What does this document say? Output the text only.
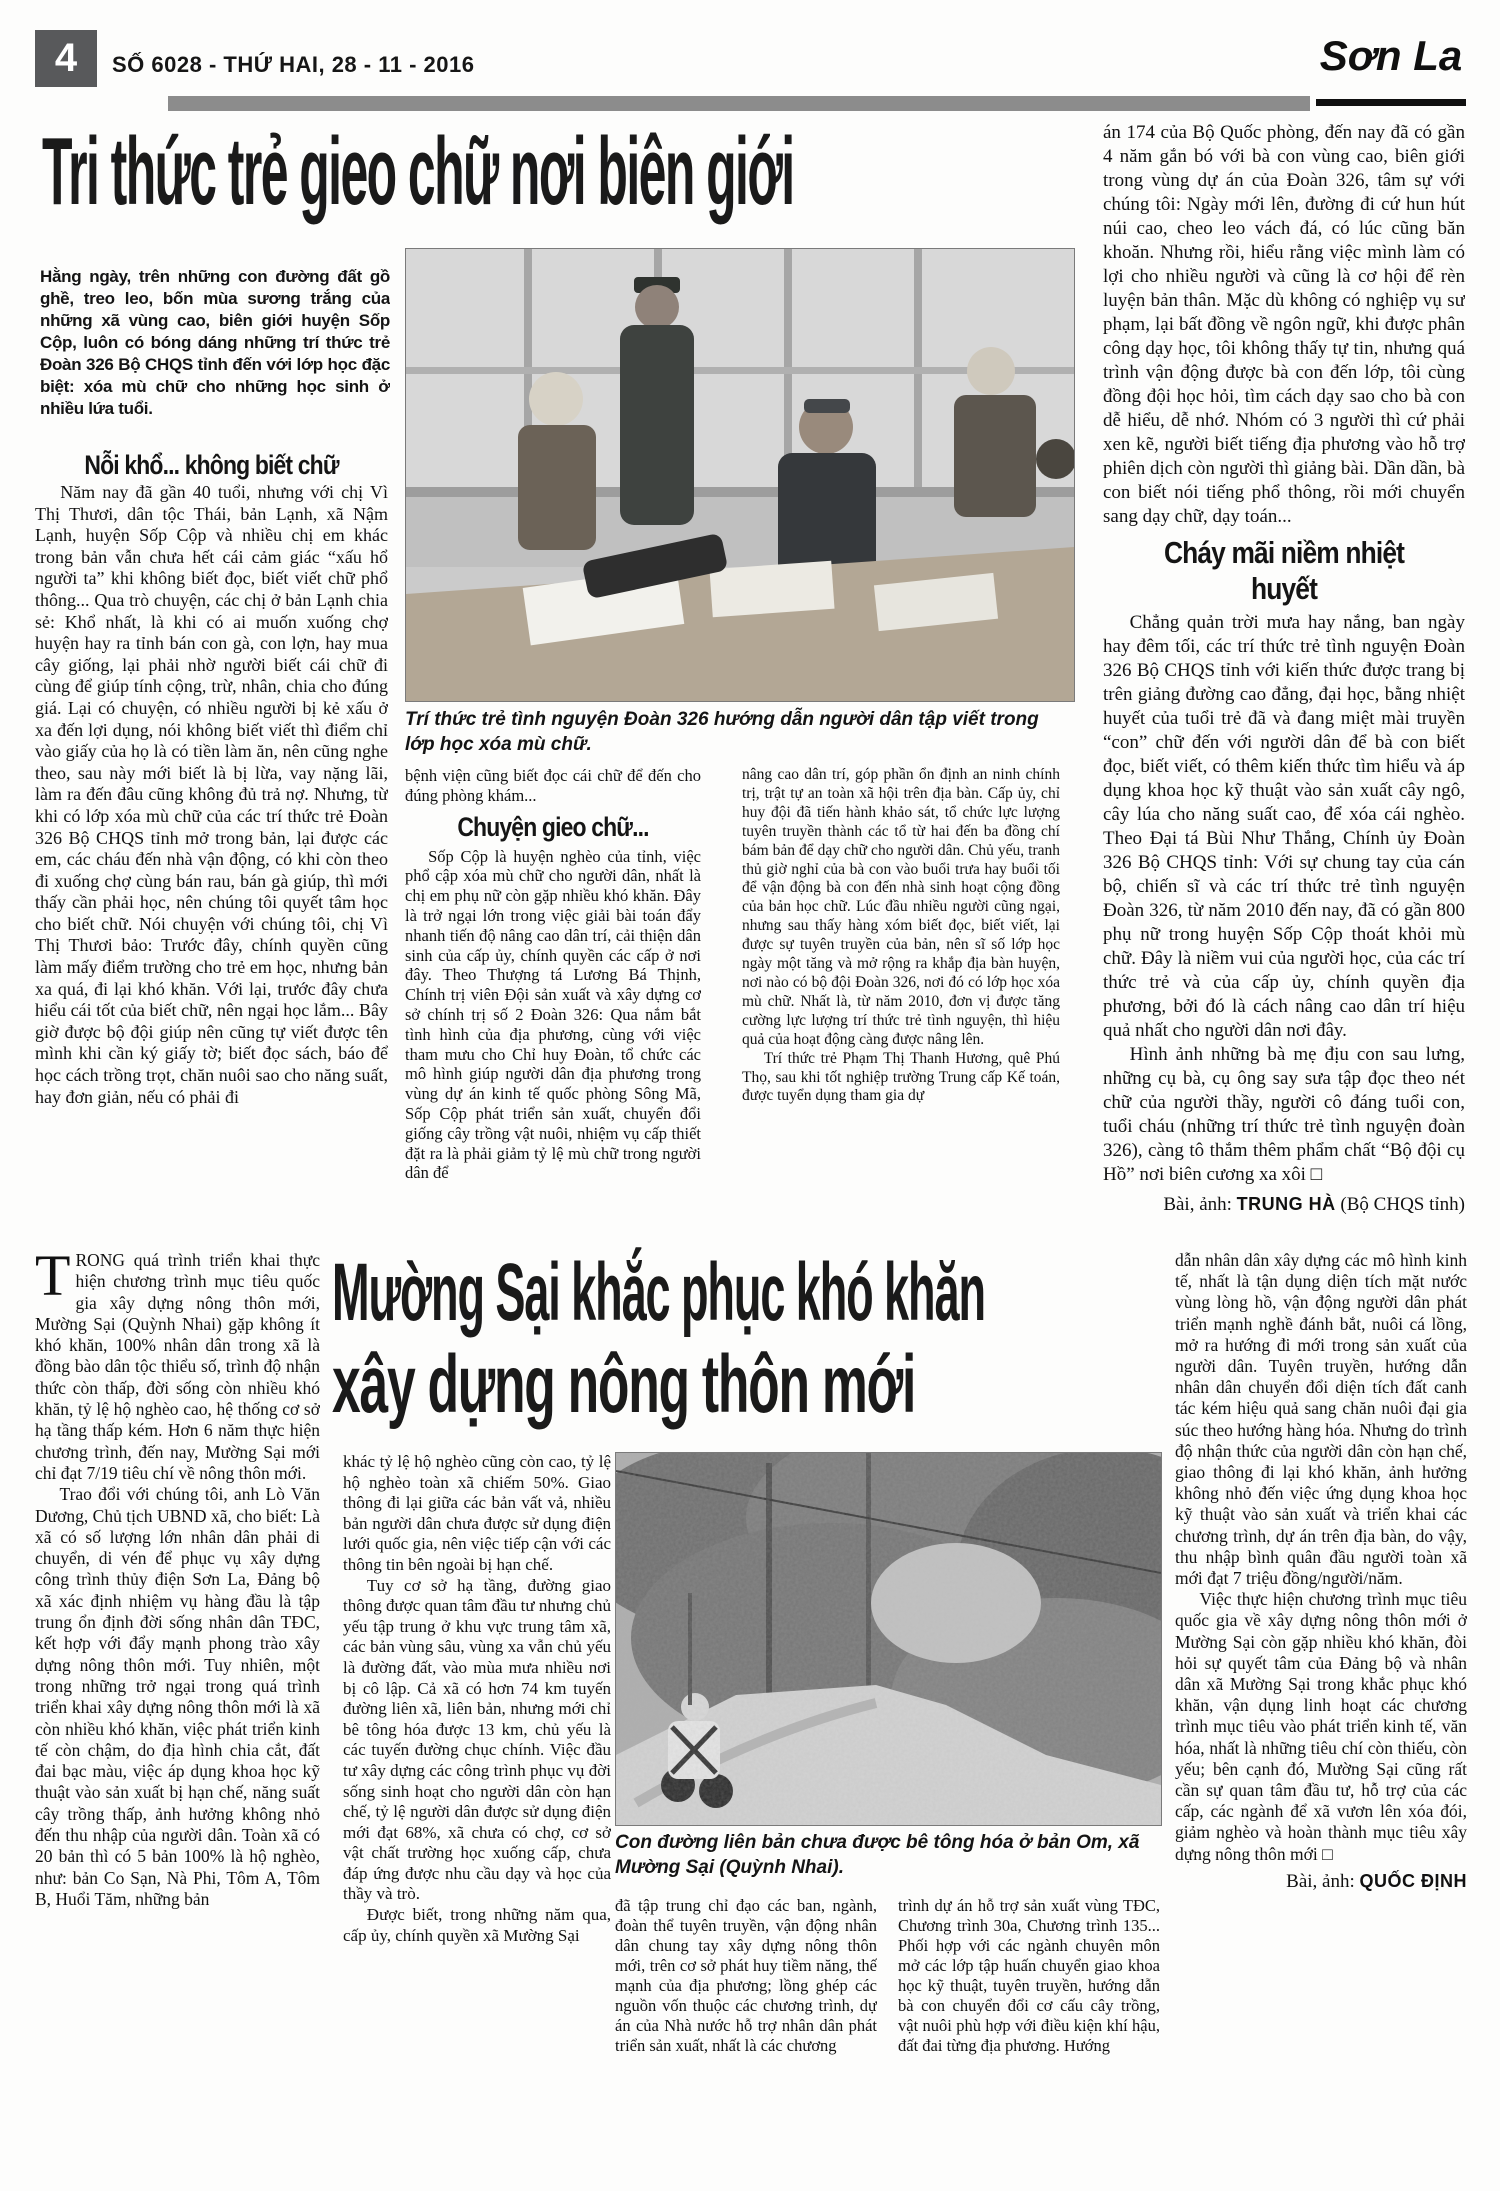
4 SỐ 6028 - THỨ HAI, 28 - 11 - 2016	Sơn La
Tri thức trẻ gieo chữ nơi biên giới
Hằng ngày, trên những con đường đất gồ ghề, treo leo, bốn mùa sương trắng của những xã vùng cao, biên giới huyện Sốp Cộp, luôn có bóng dáng những trí thức trẻ Đoàn 326 Bộ CHQS tỉnh đến với lớp học đặc biệt: xóa mù chữ cho những học sinh ở nhiều lứa tuổi.
Nỗi khổ... không biết chữ

Năm nay đã gần 40 tuổi, nhưng với chị Vì Thị Thươi, dân tộc Thái, bản Lạnh, xã Nậm Lạnh, huyện Sốp Cộp và nhiều chị em khác trong bản vẫn chưa hết cái cảm giác “xấu hổ người ta” khi không biết đọc, biết viết chữ phổ thông... Qua trò chuyện, các chị ở bản Lạnh chia sẻ: Khổ nhất, là khi có ai muốn xuống chợ huyện hay ra tỉnh bán con gà, con lợn, hay mua cây giống, lại phải nhờ người biết cái chữ đi cùng để giúp tính cộng, trừ, nhân, chia cho đúng giá. Lại có chuyện, có nhiều người bị kẻ xấu ở xa đến lợi dụng, nói không biết viết thì điểm chỉ vào giấy của họ là có tiền làm ăn, nên cũng nghe theo, sau này mới biết là bị lừa, vay nặng lãi, làm ra đến đâu cũng không đủ trả nợ. Nhưng, từ khi có lớp xóa mù chữ của các trí thức trẻ Đoàn 326 Bộ CHQS tỉnh mở trong bản, lại được các em, các cháu đến nhà vận động, có khi còn theo đi xuống chợ cùng bán rau, bán gà giúp, thì mới thấy cần phải học, nên chúng tôi quyết tâm học cho biết chữ. Nói chuyện với chúng tôi, chị Vì Thị Thươi bảo: Trước đây, chính quyền cũng làm mấy điểm trường cho trẻ em học, nhưng bản xa quá, đi lại khó khăn. Với lại, trước đây chưa hiểu cái tốt của biết chữ, nên ngại học lắm... Bây giờ được bộ đội giúp nên cũng tự viết được tên mình khi cần ký giấy tờ; biết đọc sách, báo để học cách trồng trọt, chăn nuôi sao cho năng suất, hay đơn giản, nếu có phải đi

Trí thức trẻ tình nguyện Đoàn 326 hướng dẫn người dân tập viết trong lớp học xóa mù chữ.

bệnh viện cũng biết đọc cái chữ để đến cho đúng phòng khám...

Chuyện gieo chữ...

Sốp Cộp là huyện nghèo của tỉnh, việc phổ cập xóa mù chữ cho người dân, nhất là chị em phụ nữ còn gặp nhiều khó khăn. Đây là trở ngại lớn trong việc giải bài toán đẩy nhanh tiến độ nâng cao dân trí, cải thiện dân sinh của cấp ủy, chính quyền các cấp ở nơi đây. Theo Thượng tá Lương Bá Thịnh, Chính trị viên Đội sản xuất và xây dựng cơ sở chính trị số 2 Đoàn 326: Qua nắm bắt tình hình của địa phương, cùng với việc tham mưu cho Chỉ huy Đoàn, tổ chức các mô hình giúp người dân địa phương trong vùng dự án kinh tế quốc phòng Sông Mã, Sốp Cộp phát triển sản xuất, chuyển đổi giống cây trồng vật nuôi, nhiệm vụ cấp thiết đặt ra là phải giảm tỷ lệ mù chữ trong người dân để

nâng cao dân trí, góp phần ổn định an ninh chính trị, trật tự an toàn xã hội trên địa bàn. Cấp ủy, chỉ huy đội đã tiến hành khảo sát, tổ chức lực lượng tuyên truyền thành các tổ từ hai đến ba đồng chí bám bản để dạy chữ cho người dân. Chủ yếu, tranh thủ giờ nghỉ của bà con vào buổi trưa hay buổi tối để vận động bà con đến nhà sinh hoạt cộng đồng của bản học chữ. Lúc đầu nhiều người cũng ngại, nhưng sau thấy hàng xóm biết đọc, biết viết, lại được sự tuyên truyền của bản, nên sĩ số lớp học ngày một tăng và mở rộng ra khắp địa bàn huyện, nơi nào có bộ đội Đoàn 326, nơi đó có lớp học xóa mù chữ. Nhất là, từ năm 2010, đơn vị được tăng cường lực lượng trí thức trẻ tình nguyện, thì hiệu quả của hoạt động càng được nâng lên.

Trí thức trẻ Phạm Thị Thanh Hương, quê Phú Thọ, sau khi tốt nghiệp trường Trung cấp Kế toán, được tuyển dụng tham gia dự

án 174 của Bộ Quốc phòng, đến nay đã có gần 4 năm gắn bó với bà con vùng cao, biên giới trong vùng dự án của Đoàn 326, tâm sự với chúng tôi: Ngày mới lên, đường đi cứ hun hút núi cao, cheo leo vách đá, có lúc cũng băn khoăn. Nhưng rồi, hiểu rằng việc mình làm có lợi cho nhiều người và cũng là cơ hội để rèn luyện bản thân. Mặc dù không có nghiệp vụ sư phạm, lại bất đồng về ngôn ngữ, khi được phân công dạy học, tôi không thấy tự tin, nhưng quá trình vận động được bà con đến lớp, tôi cùng đồng đội học hỏi, tìm cách dạy sao cho bà con dễ hiểu, dễ nhớ. Nhóm có 3 người thì cứ phải xen kẽ, người biết tiếng địa phương vào hỗ trợ phiên dịch còn người thì giảng bài. Dần dần, bà con biết nói tiếng phổ thông, rồi mới chuyển sang dạy chữ, dạy toán...

Cháy mãi niềm nhiệt huyết

Chẳng quản trời mưa hay nắng, ban ngày hay đêm tối, các trí thức trẻ tình nguyện Đoàn 326 Bộ CHQS tỉnh với kiến thức được trang bị trên giảng đường cao đẳng, đại học, bằng nhiệt huyết của tuổi trẻ đã và đang miệt mài truyền “con” chữ đến với người dân để bà con biết đọc, biết viết, có thêm kiến thức tìm hiểu và áp dụng khoa học kỹ thuật vào sản xuất cây ngô, cây lúa cho năng suất cao, để xóa cái nghèo. Theo Đại tá Bùi Như Thắng, Chính ủy Đoàn 326 Bộ CHQS tỉnh: Với sự chung tay của cán bộ, chiến sĩ và các trí thức trẻ tình nguyện Đoàn 326, từ năm 2010 đến nay, đã có gần 800 phụ nữ trong huyện Sốp Cộp thoát khỏi mù chữ. Đây là niềm vui của người học, của các trí thức trẻ và của cấp ủy, chính quyền địa phương, bởi đó là cách nâng cao dân trí hiệu quả nhất cho người dân nơi đây.

Hình ảnh những bà mẹ địu con sau lưng, những cụ bà, cụ ông say sưa tập đọc theo nét chữ của người thầy, người cô đáng tuổi con, tuổi cháu (những trí thức trẻ tình nguyện đoàn 326), càng tô thắm thêm phẩm chất “Bộ đội cụ Hồ” nơi biên cương xa xôi □

Bài, ảnh: TRUNG HÀ (Bộ CHQS tỉnh)

Mường Sại khắc phục khó khăn
xây dựng nông thôn mới

TRONG quá trình triển khai thực hiện chương trình mục tiêu quốc gia xây dựng nông thôn mới, Mường Sại (Quỳnh Nhai) gặp không ít khó khăn, 100% nhân dân trong xã là đồng bào dân tộc thiểu số, trình độ nhận thức còn thấp, đời sống còn nhiều khó khăn, tỷ lệ hộ nghèo cao, hệ thống cơ sở hạ tầng thấp kém. Hơn 6 năm thực hiện chương trình, đến nay, Mường Sại mới chỉ đạt 7/19 tiêu chí về nông thôn mới.

Trao đổi với chúng tôi, anh Lò Văn Dương, Chủ tịch UBND xã, cho biết: Là xã có số lượng lớn nhân dân phải di chuyển, di vén để phục vụ xây dựng công trình thủy điện Sơn La, Đảng bộ xã xác định nhiệm vụ hàng đầu là tập trung ổn định đời sống nhân dân TĐC, kết hợp với đẩy mạnh phong trào xây dựng nông thôn mới. Tuy nhiên, một trong những trở ngại trong quá trình triển khai xây dựng nông thôn mới là xã còn nhiều khó khăn, việc phát triển kinh tế còn chậm, do địa hình chia cắt, đất đai bạc màu, việc áp dụng khoa học kỹ thuật vào sản xuất bị hạn chế, năng suất cây trồng thấp, ảnh hưởng không nhỏ đến thu nhập của người dân. Toàn xã có 20 bản thì có 5 bản 100% là hộ nghèo, như: bản Co Sạn, Nà Phi, Tôm A, Tôm B, Huổi Tăm, những bản

khác tỷ lệ hộ nghèo cũng còn cao, tỷ lệ hộ nghèo toàn xã chiếm 50%. Giao thông đi lại giữa các bản vất vả, nhiều bản người dân chưa được sử dụng điện lưới quốc gia, nên việc tiếp cận với các thông tin bên ngoài bị hạn chế.

Tuy cơ sở hạ tầng, đường giao thông được quan tâm đầu tư nhưng chủ yếu tập trung ở khu vực trung tâm xã, các bản vùng sâu, vùng xa vẫn chủ yếu là đường đất, vào mùa mưa nhiều nơi bị cô lập. Cả xã có hơn 74 km tuyến đường liên xã, liên bản, nhưng mới chỉ bê tông hóa được 13 km, chủ yếu là các tuyến đường chục chính. Việc đầu tư xây dựng các công trình phục vụ đời sống sinh hoạt cho người dân còn hạn chế, tỷ lệ người dân được sử dụng điện mới đạt 68%, xã chưa có chợ, cơ sở vật chất trường học xuống cấp, chưa đáp ứng được nhu cầu dạy và học của thầy và trò.

Được biết, trong những năm qua, cấp ủy, chính quyền xã Mường Sại

Con đường liên bản chưa được bê tông hóa ở bản Om, xã Mường Sại (Quỳnh Nhai).

đã tập trung chỉ đạo các ban, ngành, đoàn thể tuyên truyền, vận động nhân dân chung tay xây dựng nông thôn mới, trên cơ sở phát huy tiềm năng, thế mạnh của địa phương; lồng ghép các nguồn vốn thuộc các chương trình, dự án của Nhà nước hỗ trợ nhân dân phát triển sản xuất, nhất là các chương

trình dự án hỗ trợ sản xuất vùng TĐC, Chương trình 30a, Chương trình 135... Phối hợp với các ngành chuyên môn mở các lớp tập huấn chuyển giao khoa học kỹ thuật, tuyên truyền, hướng dẫn bà con chuyển đổi cơ cấu cây trồng, vật nuôi phù hợp với điều kiện khí hậu, đất đai từng địa phương. Hướng

dẫn nhân dân xây dựng các mô hình kinh tế, nhất là tận dụng diện tích mặt nước vùng lòng hồ, vận động người dân phát triển mạnh nghề đánh bắt, nuôi cá lồng, mở ra hướng đi mới trong sản xuất của người dân. Tuyên truyền, hướng dẫn nhân dân chuyển đổi diện tích đất canh tác kém hiệu quả sang chăn nuôi đại gia súc theo hướng hàng hóa. Nhưng do trình độ nhận thức của người dân còn hạn chế, giao thông đi lại khó khăn, ảnh hưởng không nhỏ đến việc ứng dụng khoa học kỹ thuật vào sản xuất và triển khai các chương trình, dự án trên địa bàn, do vậy, thu nhập bình quân đầu người toàn xã mới đạt 7 triệu đồng/người/năm.

Việc thực hiện chương trình mục tiêu quốc gia về xây dựng nông thôn mới ở Mường Sại còn gặp nhiều khó khăn, đòi hỏi sự quyết tâm của Đảng bộ và nhân dân xã Mường Sại trong khắc phục khó khăn, vận dụng linh hoạt các chương trình mục tiêu vào phát triển kinh tế, văn hóa, nhất là những tiêu chí còn thiếu, còn yếu; bên cạnh đó, Mường Sại cũng rất cần sự quan tâm đầu tư, hỗ trợ của các cấp, các ngành để xã vươn lên xóa đói, giảm nghèo và hoàn thành mục tiêu xây dựng nông thôn mới □

Bài, ảnh: QUỐC ĐỊNH
